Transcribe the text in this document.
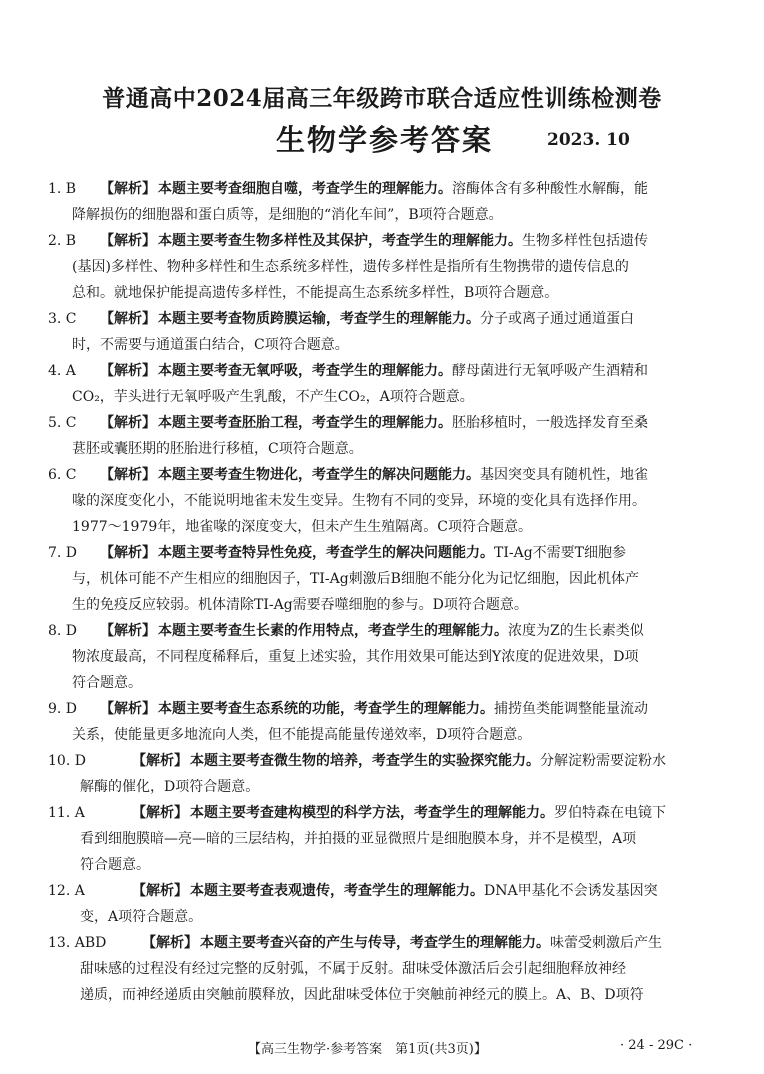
普通高中2024届高三年级跨市联合适应性训练检测卷
生物学参考答案	2023. 10
1. B	【解析】 本题主要考查细胞自噬，考查学生的理解能力。溶酶体含有多种酸性水解酶，能
降解损伤的细胞器和蛋白质等，是细胞的“消化车间”，B项符合题意。
2. B	【解析】 本题主要考查生物多样性及其保护，考查学生的理解能力。生物多样性包括遗传
(基因)多样性、物种多样性和生态系统多样性，遗传多样性是指所有生物携带的遗传信息的
总和。就地保护能提高遗传多样性，不能提高生态系统多样性，B项符合题意。
3. C	【解析】 本题主要考查物质跨膜运输，考查学生的理解能力。分子或离子通过通道蛋白
时，不需要与通道蛋白结合，C项符合题意。
4. A	【解析】 本题主要考查无氧呼吸，考查学生的理解能力。酵母菌进行无氧呼吸产生酒精和
CO₂，芋头进行无氧呼吸产生乳酸，不产生CO₂，A项符合题意。
5. C	【解析】 本题主要考查胚胎工程，考查学生的理解能力。胚胎移植时，一般选择发育至桑
葚胚或囊胚期的胚胎进行移植，C项符合题意。
6. C	【解析】 本题主要考查生物进化，考查学生的解决问题能力。基因突变具有随机性，地雀
喙的深度变化小，不能说明地雀未发生变异。生物有不同的变异，环境的变化具有选择作用。
1977～1979年，地雀喙的深度变大，但未产生生殖隔离。C项符合题意。
7. D	【解析】 本题主要考查特异性免疫，考查学生的解决问题能力。TI-Ag不需要T细胞参
与，机体可能不产生相应的细胞因子，TI-Ag刺激后B细胞不能分化为记忆细胞，因此机体产
生的免疫反应较弱。机体清除TI-Ag需要吞噬细胞的参与。D项符合题意。
8. D	【解析】 本题主要考查生长素的作用特点，考查学生的理解能力。浓度为Z的生长素类似
物浓度最高，不同程度稀释后，重复上述实验，其作用效果可能达到Y浓度的促进效果，D项
符合题意。
9. D	【解析】 本题主要考查生态系统的功能，考查学生的理解能力。捕捞鱼类能调整能量流动
关系，使能量更多地流向人类，但不能提高能量传递效率，D项符合题意。
10. D	【解析】 本题主要考查微生物的培养，考查学生的实验探究能力。分解淀粉需要淀粉水
解酶的催化，D项符合题意。
11. A	【解析】 本题主要考查建构模型的科学方法，考查学生的理解能力。罗伯特森在电镜下
看到细胞膜暗—亮—暗的三层结构，并拍摄的亚显微照片是细胞膜本身，并不是模型，A项
符合题意。
12. A	【解析】 本题主要考查表观遗传，考查学生的理解能力。DNA甲基化不会诱发基因突
变，A项符合题意。
13. ABD	【解析】 本题主要考查兴奋的产生与传导，考查学生的理解能力。味蕾受刺激后产生
甜味感的过程没有经过完整的反射弧，不属于反射。甜味受体激活后会引起细胞释放神经
递质，而神经递质由突触前膜释放，因此甜味受体位于突触前神经元的膜上。A、B、D项符
【高三生物学·参考答案　第1页(共3页)】	· 24 - 29C ·
